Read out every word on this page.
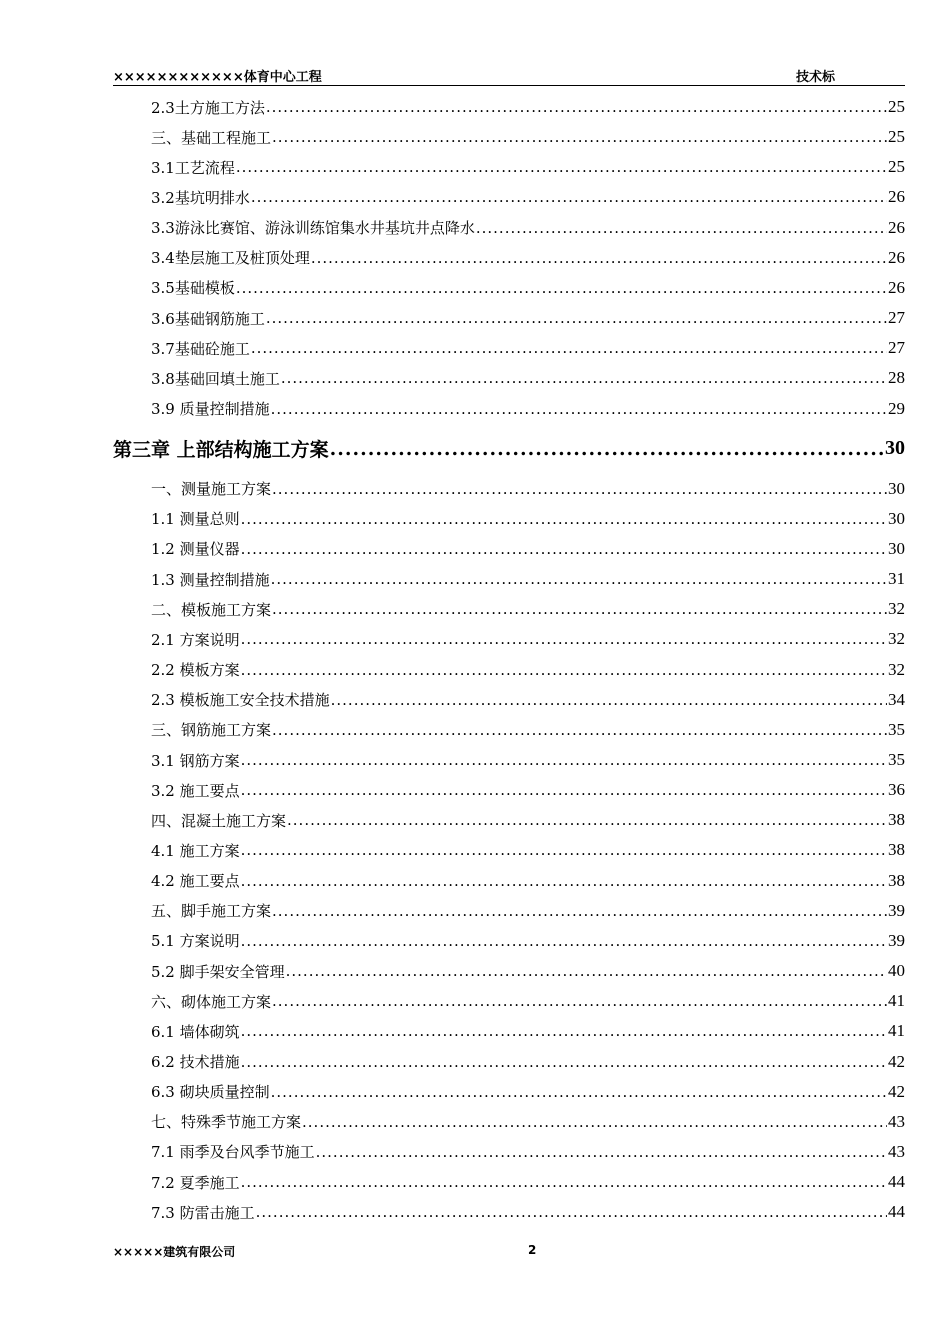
××××××××××××体育中心工程	技术标
2.3土方施工方法 .....	25
三、基础工程施工 .....	25
3.1工艺流程 .....	25
3.2基坑明排水 .....	26
3.3游泳比赛馆、游泳训练馆集水井基坑井点降水 .....	26
3.4垫层施工及桩顶处理 .....	26
3.5基础模板 .....	26
3.6基础钢筋施工 .....	27
3.7基础砼施工 .....	27
3.8基础回填土施工 .....	28
3.9 质量控制措施 .....	29
第三章 上部结构施工方案 .....	30
一、测量施工方案 .....	30
1.1 测量总则 .....	30
1.2 测量仪器 .....	30
1.3 测量控制措施 .....	31
二、模板施工方案 .....	32
2.1 方案说明 .....	32
2.2 模板方案 .....	32
2.3 模板施工安全技术措施 .....	34
三、钢筋施工方案 .....	35
3.1 钢筋方案 .....	35
3.2 施工要点 .....	36
四、混凝土施工方案 .....	38
4.1 施工方案 .....	38
4.2 施工要点 .....	38
五、脚手施工方案 .....	39
5.1 方案说明 .....	39
5.2 脚手架安全管理 .....	40
六、砌体施工方案 .....	41
6.1 墙体砌筑 .....	41
6.2 技术措施 .....	42
6.3 砌块质量控制 .....	42
七、特殊季节施工方案 .....	43
7.1 雨季及台风季节施工 .....	43
7.2 夏季施工 .....	44
7.3 防雷击施工 .....	44
×××××建筑有限公司	2
